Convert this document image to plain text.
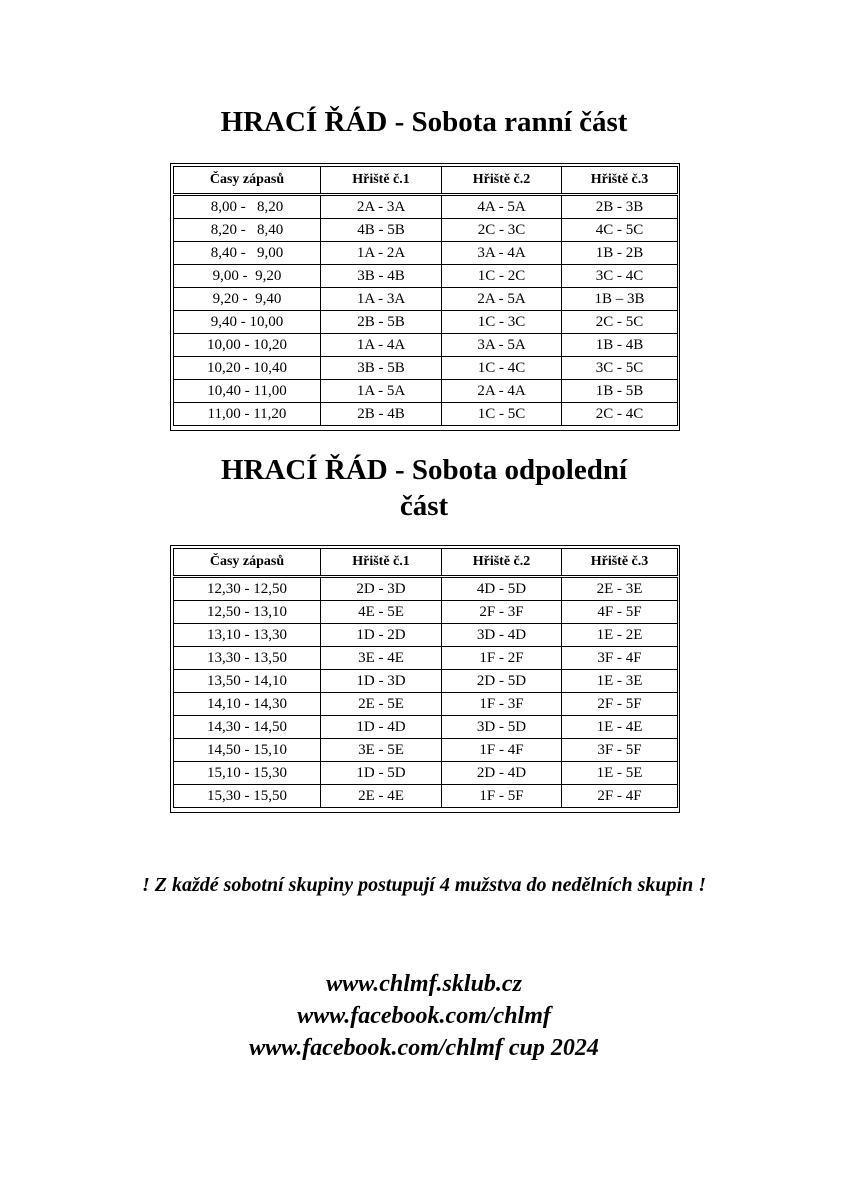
HRACÍ ŘÁD - Sobota ranní část
Časy zápasů	Hřiště č.1	Hřiště č.2	Hřiště č.3
8,00 -   8,20	2A - 3A	4A - 5A	2B - 3B
8,20 -   8,40	4B - 5B	2C - 3C	4C - 5C
8,40 -   9,00	1A - 2A	3A - 4A	1B - 2B
9,00 -  9,20	3B - 4B	1C - 2C	3C - 4C
9,20 -  9,40	1A - 3A	2A - 5A	1B – 3B
9,40 - 10,00	2B - 5B	1C - 3C	2C - 5C
10,00 - 10,20	1A - 4A	3A - 5A	1B - 4B
10,20 - 10,40	3B - 5B	1C - 4C	3C - 5C
10,40 - 11,00	1A - 5A	2A - 4A	1B - 5B
11,00 - 11,20	2B - 4B	1C - 5C	2C - 4C
HRACÍ ŘÁD - Sobota odpolední
část
Časy zápasů	Hřiště č.1	Hřiště č.2	Hřiště č.3
12,30 - 12,50	2D - 3D	4D - 5D	2E - 3E
12,50 - 13,10	4E - 5E	2F - 3F	4F - 5F
13,10 - 13,30	1D - 2D	3D - 4D	1E - 2E
13,30 - 13,50	3E - 4E	1F - 2F	3F - 4F
13,50 - 14,10	1D - 3D	2D - 5D	1E - 3E
14,10 - 14,30	2E - 5E	1F - 3F	2F - 5F
14,30 - 14,50	1D - 4D	3D - 5D	1E - 4E
14,50 - 15,10	3E - 5E	1F - 4F	3F - 5F
15,10 - 15,30	1D - 5D	2D - 4D	1E - 5E
15,30 - 15,50	2E - 4E	1F - 5F	2F - 4F

! Z každé sobotní skupiny postupují 4 mužstva do nedělních skupin !

www.chlmf.sklub.cz
www.facebook.com/chlmf
www.facebook.com/chlmf cup 2024
